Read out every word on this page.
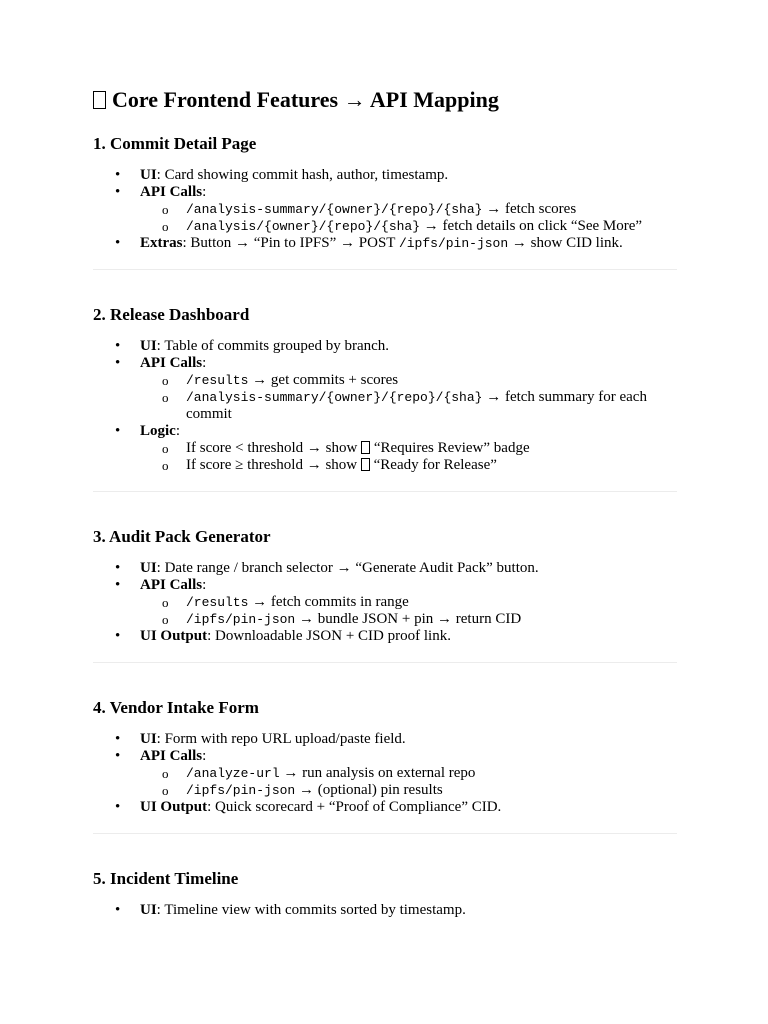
Core Frontend Features → API Mapping
1. Commit Detail Page
• UI: Card showing commit hash, author, timestamp.
• API Calls:
o /analysis-summary/{owner}/{repo}/{sha} → fetch scores
o /analysis/{owner}/{repo}/{sha} → fetch details on click “See More”
• Extras: Button → “Pin to IPFS” → POST /ipfs/pin-json → show CID link.
2. Release Dashboard
• UI: Table of commits grouped by branch.
• API Calls:
o /results → get commits + scores
o /analysis-summary/{owner}/{repo}/{sha} → fetch summary for each commit
• Logic:
o If score < threshold → show  “Requires Review” badge
o If score ≥ threshold → show  “Ready for Release”
3. Audit Pack Generator
• UI: Date range / branch selector → “Generate Audit Pack” button.
• API Calls:
o /results → fetch commits in range
o /ipfs/pin-json → bundle JSON + pin → return CID
• UI Output: Downloadable JSON + CID proof link.
4. Vendor Intake Form
• UI: Form with repo URL upload/paste field.
• API Calls:
o /analyze-url → run analysis on external repo
o /ipfs/pin-json → (optional) pin results
• UI Output: Quick scorecard + “Proof of Compliance” CID.
5. Incident Timeline
• UI: Timeline view with commits sorted by timestamp.
